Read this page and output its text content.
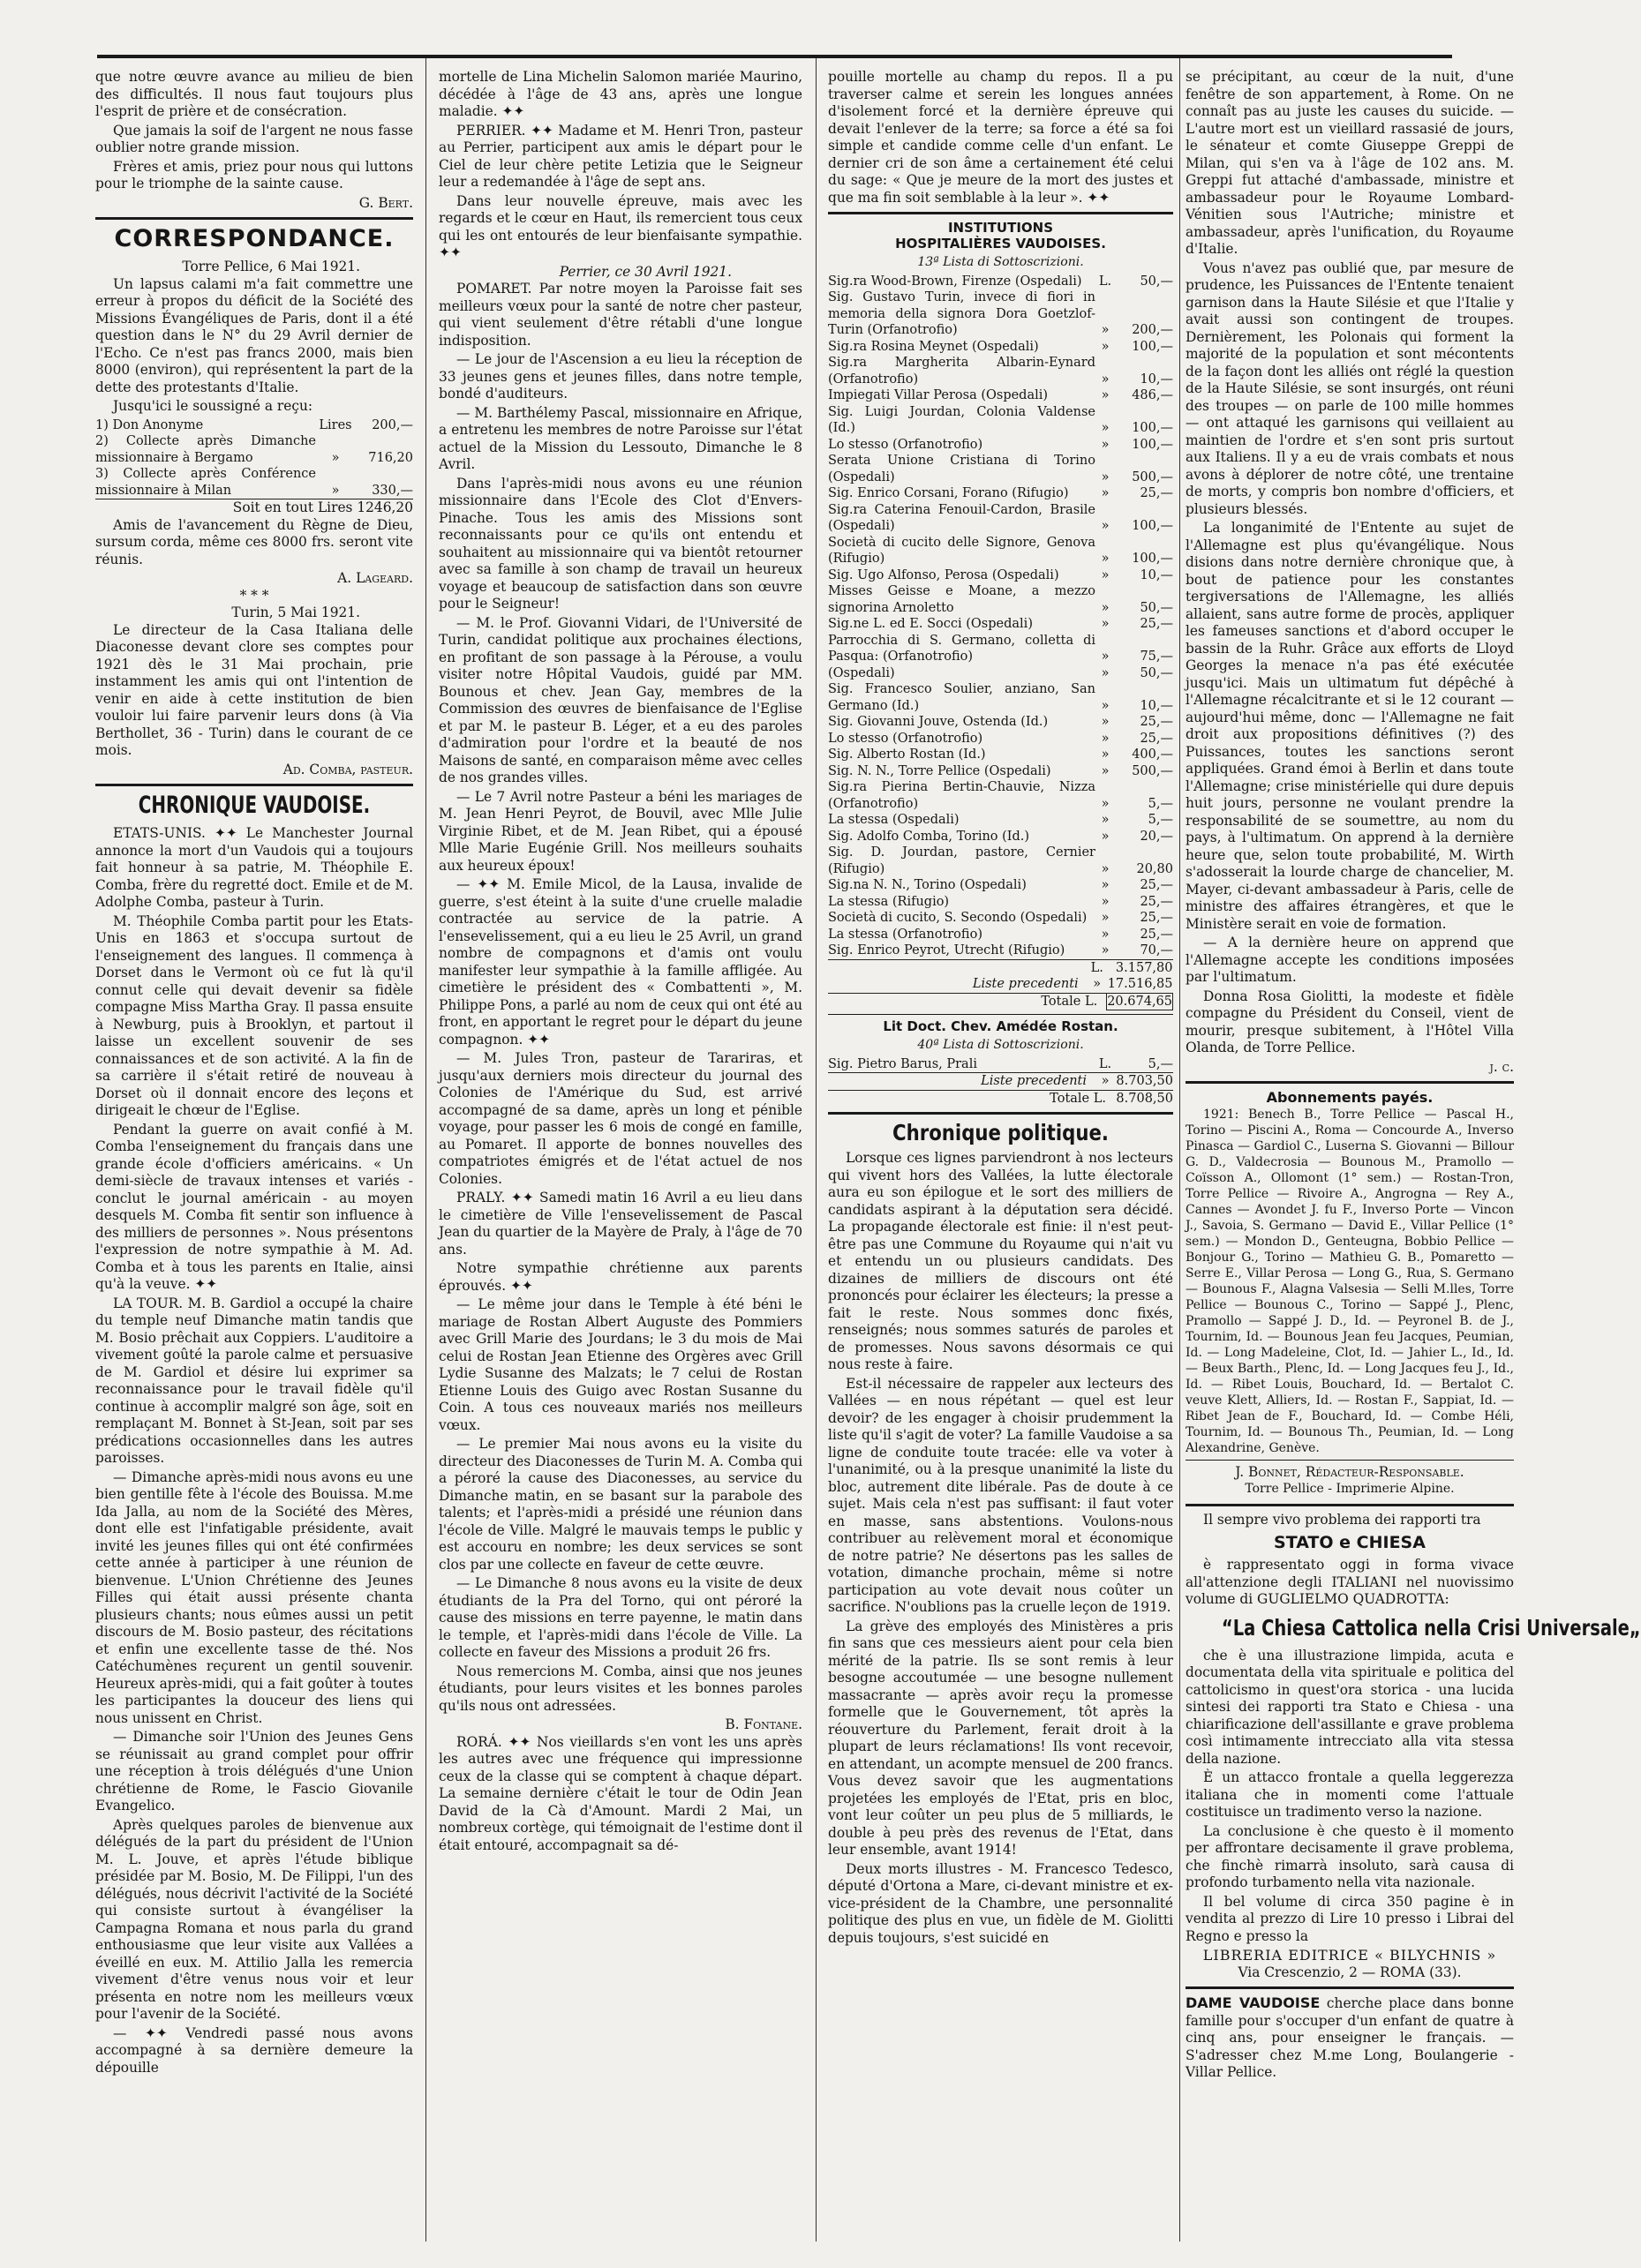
que notre œuvre avance au milieu de bien des difficultés. Il nous faut toujours plus l'esprit de prière et de consécration.

Que jamais la soif de l'argent ne nous fasse oublier notre grande mission.

Frères et amis, priez pour nous qui luttons pour le triomphe de la sainte cause.

G. Bert.
CORRESPONDANCE.
Torre Pellice, 6 Mai 1921.

Un lapsus calami m'a fait commettre une erreur à propos du déficit de la Société des Missions Évangéliques de Paris, dont il a été question dans le N° du 29 Avril dernier de l'Echo. Ce n'est pas francs 2000, mais bien 8000 (environ), qui représentent la part de la dette des protestants d'Italie.

Jusqu'ici le soussigné a reçu:

1) Don Anonyme	Lires	200,—
2) Collecte après Dimanche missionnaire à Bergamo	»	716,20
3) Collecte après Conférence missionnaire à Milan	»	330,—
Soit en tout Lires 1246,20

Amis de l'avancement du Règne de Dieu, sursum corda, même ces 8000 frs. seront vite réunis.

A. Lageard.
* * *
Turin, 5 Mai 1921.

Le directeur de la Casa Italiana delle Diaconesse devant clore ses comptes pour 1921 dès le 31 Mai prochain, prie instamment les amis qui ont l'intention de venir en aide à cette institution de bien vouloir lui faire parvenir leurs dons (à Via Berthollet, 36 - Turin) dans le courant de ce mois.

Ad. Comba, pasteur.
CHRONIQUE VAUDOISE.

ETATS-UNIS. ✦✦ Le Manchester Journal annonce la mort d'un Vaudois qui a toujours fait honneur à sa patrie, M. Théophile E. Comba, frère du regretté doct. Emile et de M. Adolphe Comba, pasteur à Turin.

M. Théophile Comba partit pour les Etats-Unis en 1863 et s'occupa surtout de l'enseignement des langues. Il commença à Dorset dans le Vermont où ce fut là qu'il connut celle qui devait devenir sa fidèle compagne Miss Martha Gray. Il passa ensuite à Newburg, puis à Brooklyn, et partout il laisse un excellent souvenir de ses connaissances et de son activité. A la fin de sa carrière il s'était retiré de nouveau à Dorset où il donnait encore des leçons et dirigeait le chœur de l'Eglise.

Pendant la guerre on avait confié à M. Comba l'enseignement du français dans une grande école d'officiers américains. « Un demi-siècle de travaux intenses et variés - conclut le journal américain - au moyen desquels M. Comba fit sentir son influence à des milliers de personnes ». Nous présentons l'expression de notre sympathie à M. Ad. Comba et à tous les parents en Italie, ainsi qu'à la veuve. ✦✦

LA TOUR. M. B. Gardiol a occupé la chaire du temple neuf Dimanche matin tandis que M. Bosio prêchait aux Coppiers. L'auditoire a vivement goûté la parole calme et persuasive de M. Gardiol et désire lui exprimer sa reconnaissance pour le travail fidèle qu'il continue à accomplir malgré son âge, soit en remplaçant M. Bonnet à St-Jean, soit par ses prédications occasionnelles dans les autres paroisses.

— Dimanche après-midi nous avons eu une bien gentille fête à l'école des Bouissa. M.me Ida Jalla, au nom de la Société des Mères, dont elle est l'infatigable présidente, avait invité les jeunes filles qui ont été confirmées cette année à participer à une réunion de bienvenue. L'Union Chrétienne des Jeunes Filles qui était aussi présente chanta plusieurs chants; nous eûmes aussi un petit discours de M. Bosio pasteur, des récitations et enfin une excellente tasse de thé. Nos Catéchumènes reçurent un gentil souvenir. Heureux après-midi, qui a fait goûter à toutes les participantes la douceur des liens qui nous unissent en Christ.

— Dimanche soir l'Union des Jeunes Gens se réunissait au grand complet pour offrir une réception à trois délégués d'une Union chrétienne de Rome, le Fascio Giovanile Evangelico.

Après quelques paroles de bienvenue aux délégués de la part du président de l'Union M. L. Jouve, et après l'étude biblique présidée par M. Bosio, M. De Filippi, l'un des délégués, nous décrivit l'activité de la Société qui consiste surtout à évangéliser la Campagna Romana et nous parla du grand enthousiasme que leur visite aux Vallées a éveillé en eux. M. Attilio Jalla les remercia vivement d'être venus nous voir et leur présenta en notre nom les meilleurs vœux pour l'avenir de la Société.

— ✦✦ Vendredi passé nous avons accompagné à sa dernière demeure la dépouille

mortelle de Lina Michelin Salomon mariée Maurino, décédée à l'âge de 43 ans, après une longue maladie. ✦✦

PERRIER. ✦✦ Madame et M. Henri Tron, pasteur au Perrier, participent aux amis le départ pour le Ciel de leur chère petite Letizia que le Seigneur leur a redemandée à l'âge de sept ans.

Dans leur nouvelle épreuve, mais avec les regards et le cœur en Haut, ils remercient tous ceux qui les ont entourés de leur bienfaisante sympathie. ✦✦

Perrier, ce 30 Avril 1921.

POMARET. Par notre moyen la Paroisse fait ses meilleurs vœux pour la santé de notre cher pasteur, qui vient seulement d'être rétabli d'une longue indisposition.

— Le jour de l'Ascension a eu lieu la réception de 33 jeunes gens et jeunes filles, dans notre temple, bondé d'auditeurs.

— M. Barthélemy Pascal, missionnaire en Afrique, a entretenu les membres de notre Paroisse sur l'état actuel de la Mission du Lessouto, Dimanche le 8 Avril.

Dans l'après-midi nous avons eu une réunion missionnaire dans l'Ecole des Clot d'Envers-Pinache. Tous les amis des Missions sont reconnaissants pour ce qu'ils ont entendu et souhaitent au missionnaire qui va bientôt retourner avec sa famille à son champ de travail un heureux voyage et beaucoup de satisfaction dans son œuvre pour le Seigneur!

— M. le Prof. Giovanni Vidari, de l'Université de Turin, candidat politique aux prochaines élections, en profitant de son passage à la Pérouse, a voulu visiter notre Hôpital Vaudois, guidé par MM. Bounous et chev. Jean Gay, membres de la Commission des œuvres de bienfaisance de l'Eglise et par M. le pasteur B. Léger, et a eu des paroles d'admiration pour l'ordre et la beauté de nos Maisons de santé, en comparaison même avec celles de nos grandes villes.

— Le 7 Avril notre Pasteur a béni les mariages de M. Jean Henri Peyrot, de Bouvil, avec Mlle Julie Virginie Ribet, et de M. Jean Ribet, qui a épousé Mlle Marie Eugénie Grill. Nos meilleurs souhaits aux heureux époux!

— ✦✦ M. Emile Micol, de la Lausa, invalide de guerre, s'est éteint à la suite d'une cruelle maladie contractée au service de la patrie. A l'ensevelissement, qui a eu lieu le 25 Avril, un grand nombre de compagnons et d'amis ont voulu manifester leur sympathie à la famille affligée. Au cimetière le président des « Combattenti », M. Philippe Pons, a parlé au nom de ceux qui ont été au front, en apportant le regret pour le départ du jeune compagnon. ✦✦

— M. Jules Tron, pasteur de Tarariras, et jusqu'aux derniers mois directeur du journal des Colonies de l'Amérique du Sud, est arrivé accompagné de sa dame, après un long et pénible voyage, pour passer les 6 mois de congé en famille, au Pomaret. Il apporte de bonnes nouvelles des compatriotes émigrés et de l'état actuel de nos Colonies.

PRALY. ✦✦ Samedi matin 16 Avril a eu lieu dans le cimetière de Ville l'ensevelissement de Pascal Jean du quartier de la Mayère de Praly, à l'âge de 70 ans.

Notre sympathie chrétienne aux parents éprouvés. ✦✦

— Le même jour dans le Temple à été béni le mariage de Rostan Albert Auguste des Pommiers avec Grill Marie des Jourdans; le 3 du mois de Mai celui de Rostan Jean Etienne des Orgères avec Grill Lydie Susanne des Malzats; le 7 celui de Rostan Etienne Louis des Guigo avec Rostan Susanne du Coin. A tous ces nouveaux mariés nos meilleurs vœux.

— Le premier Mai nous avons eu la visite du directeur des Diaconesses de Turin M. A. Comba qui a péroré la cause des Diaconesses, au service du Dimanche matin, en se basant sur la parabole des talents; et l'après-midi a présidé une réunion dans l'école de Ville. Malgré le mauvais temps le public y est accouru en nombre; les deux services se sont clos par une collecte en faveur de cette œuvre.

— Le Dimanche 8 nous avons eu la visite de deux étudiants de la Pra del Torno, qui ont péroré la cause des missions en terre payenne, le matin dans le temple, et l'après-midi dans l'école de Ville. La collecte en faveur des Missions a produit 26 frs.

Nous remercions M. Comba, ainsi que nos jeunes étudiants, pour leurs visites et les bonnes paroles qu'ils nous ont adressées.

B. Fontane.

RORÁ. ✦✦ Nos vieillards s'en vont les uns après les autres avec une fréquence qui impressionne ceux de la classe qui se comptent à chaque départ. La semaine dernière c'était le tour de Odin Jean David de la Cà d'Amount. Mardi 2 Mai, un nombreux cortège, qui témoignait de l'estime dont il était entouré, accompagnait sa dé-

pouille mortelle au champ du repos. Il a pu traverser calme et serein les longues années d'isolement forcé et la dernière épreuve qui devait l'enlever de la terre; sa force a été sa foi simple et candide comme celle d'un enfant. Le dernier cri de son âme a certainement été celui du sage: « Que je meure de la mort des justes et que ma fin soit semblable à la leur ». ✦✦

INSTITUTIONS
HOSPITALIÈRES VAUDOISES.
13ª Lista di Sottoscrizioni.
Sig.ra Wood-Brown, Firenze (Ospedali)	L.	50,—
Sig. Gustavo Turin, invece di fiori in memoria della signora Dora Goetzlof-Turin (Orfanotrofio)	»	200,—
Sig.ra Rosina Meynet (Ospedali)	»	100,—
Sig.ra Margherita Albarin-Eynard (Orfanotrofio)	»	10,—
Impiegati Villar Perosa (Ospedali)	»	486,—
Sig. Luigi Jourdan, Colonia Valdense (Id.)	»	100,—
Lo stesso (Orfanotrofio)	»	100,—
Serata Unione Cristiana di Torino (Ospedali)	»	500,—
Sig. Enrico Corsani, Forano (Rifugio)	»	25,—
Sig.ra Caterina Fenouil-Cardon, Brasile (Ospedali)	»	100,—
Società di cucito delle Signore, Genova (Rifugio)	»	100,—
Sig. Ugo Alfonso, Perosa (Ospedali)	»	10,—
Misses Geisse e Moane, a mezzo signorina Arnoletto	»	50,—
Sig.ne L. ed E. Socci (Ospedali)	»	25,—
Parrocchia di S. Germano, colletta di Pasqua: (Orfanotrofio)	»	75,—
(Ospedali)	»	50,—
Sig. Francesco Soulier, anziano, San Germano (Id.)	»	10,—
Sig. Giovanni Jouve, Ostenda (Id.)	»	25,—
Lo stesso (Orfanotrofio)	»	25,—
Sig. Alberto Rostan (Id.)	»	400,—
Sig. N. N., Torre Pellice (Ospedali)	»	500,—
Sig.ra Pierina Bertin-Chauvie, Nizza (Orfanotrofio)	»	5,—
La stessa (Ospedali)	»	5,—
Sig. Adolfo Comba, Torino (Id.)	»	20,—
Sig. D. Jourdan, pastore, Cernier (Rifugio)	»	20,80
Sig.na N. N., Torino (Ospedali)	»	25,—
La stessa (Rifugio)	»	25,—
Società di cucito, S. Secondo (Ospedali)	»	25,—
La stessa (Orfanotrofio)	»	25,—
Sig. Enrico Peyrot, Utrecht (Rifugio)	»	70,—
	L.	3.157,80
Liste precedenti	»	17.516,85
Totale L.		20.674,65
Lit Doct. Chev. Amédée Rostan.
40ª Lista di Sottoscrizioni.
Sig. Pietro Barus, Prali	L.	5,—
Liste precedenti	»	8.703,50
Totale L.		8.708,50
Chronique politique.

Lorsque ces lignes parviendront à nos lecteurs qui vivent hors des Vallées, la lutte électorale aura eu son épilogue et le sort des milliers de candidats aspirant à la députation sera décidé. La propagande électorale est finie: il n'est peut-être pas une Commune du Royaume qui n'ait vu et entendu un ou plusieurs candidats. Des dizaines de milliers de discours ont été prononcés pour éclairer les électeurs; la presse a fait le reste. Nous sommes donc fixés, renseignés; nous sommes saturés de paroles et de promesses. Nous savons désormais ce qui nous reste à faire.

Est-il nécessaire de rappeler aux lecteurs des Vallées — en nous répétant — quel est leur devoir? de les engager à choisir prudemment la liste qu'il s'agit de voter? La famille Vaudoise a sa ligne de conduite toute tracée: elle va voter à l'unanimité, ou à la presque unanimité la liste du bloc, autrement dite libérale. Pas de doute à ce sujet. Mais cela n'est pas suffisant: il faut voter en masse, sans abstentions. Voulons-nous contribuer au relèvement moral et économique de notre patrie? Ne désertons pas les salles de votation, dimanche prochain, même si notre participation au vote devait nous coûter un sacrifice. N'oublions pas la cruelle leçon de 1919.

La grève des employés des Ministères a pris fin sans que ces messieurs aient pour cela bien mérité de la patrie. Ils se sont remis à leur besogne accoutumée — une besogne nullement massacrante — après avoir reçu la promesse formelle que le Gouvernement, tôt après la réouverture du Parlement, ferait droit à la plupart de leurs réclamations! Ils vont recevoir, en attendant, un acompte mensuel de 200 francs. Vous devez savoir que les augmentations projetées les employés de l'Etat, pris en bloc, vont leur coûter un peu plus de 5 milliards, le double à peu près des revenus de l'Etat, dans leur ensemble, avant 1914!

Deux morts illustres - M. Francesco Tedesco, député d'Ortona a Mare, ci-devant ministre et ex-vice-président de la Chambre, une personnalité politique des plus en vue, un fidèle de M. Giolitti depuis toujours, s'est suicidé en

se précipitant, au cœur de la nuit, d'une fenêtre de son appartement, à Rome. On ne connaît pas au juste les causes du suicide. — L'autre mort est un vieillard rassasié de jours, le sénateur et comte Giuseppe Greppi de Milan, qui s'en va à l'âge de 102 ans. M. Greppi fut attaché d'ambassade, ministre et ambassadeur pour le Royaume Lombard-Vénitien sous l'Autriche; ministre et ambassadeur, après l'unification, du Royaume d'Italie.

Vous n'avez pas oublié que, par mesure de prudence, les Puissances de l'Entente tenaient garnison dans la Haute Silésie et que l'Italie y avait aussi son contingent de troupes. Dernièrement, les Polonais qui forment la majorité de la population et sont mécontents de la façon dont les alliés ont réglé la question de la Haute Silésie, se sont insurgés, ont réuni des troupes — on parle de 100 mille hommes — ont attaqué les garnisons qui veillaient au maintien de l'ordre et s'en sont pris surtout aux Italiens. Il y a eu de vrais combats et nous avons à déplorer de notre côté, une trentaine de morts, y compris bon nombre d'officiers, et plusieurs blessés.

La longanimité de l'Entente au sujet de l'Allemagne est plus qu'évangélique. Nous disions dans notre dernière chronique que, à bout de patience pour les constantes tergiversations de l'Allemagne, les alliés allaient, sans autre forme de procès, appliquer les fameuses sanctions et d'abord occuper le bassin de la Ruhr. Grâce aux efforts de Lloyd Georges la menace n'a pas été exécutée jusqu'ici. Mais un ultimatum fut dépêché à l'Allemagne récalcitrante et si le 12 courant — aujourd'hui même, donc — l'Allemagne ne fait droit aux propositions définitives (?) des Puissances, toutes les sanctions seront appliquées. Grand émoi à Berlin et dans toute l'Allemagne; crise ministérielle qui dure depuis huit jours, personne ne voulant prendre la responsabilité de se soumettre, au nom du pays, à l'ultimatum. On apprend à la dernière heure que, selon toute probabilité, M. Wirth s'adosserait la lourde charge de chancelier, M. Mayer, ci-devant ambassadeur à Paris, celle de ministre des affaires étrangères, et que le Ministère serait en voie de formation.

— A la dernière heure on apprend que l'Allemagne accepte les conditions imposées par l'ultimatum.

Donna Rosa Giolitti, la modeste et fidèle compagne du Président du Conseil, vient de mourir, presque subitement, à l'Hôtel Villa Olanda, de Torre Pellice.

j. c.
Abonnements payés.

1921: Benech B., Torre Pellice — Pascal H., Torino — Piscini A., Roma — Concourde A., Inverso Pinasca — Gardiol C., Luserna S. Giovanni — Billour G. D., Valdecrosia — Bounous M., Pramollo — Coïsson A., Ollomont (1° sem.) — Rostan-Tron, Torre Pellice — Rivoire A., Angrogna — Rey A., Cannes — Avondet J. fu F., Inverso Porte — Vincon J., Savoia, S. Germano — David E., Villar Pellice (1° sem.) — Mondon D., Genteugna, Bobbio Pellice — Bonjour G., Torino — Mathieu G. B., Pomaretto — Serre E., Villar Perosa — Long G., Rua, S. Germano — Bounous F., Alagna Valsesia — Selli M.lles, Torre Pellice — Bounous C., Torino — Sappé J., Plenc, Pramollo — Sappé J. D., Id. — Peyronel B. de J., Tournim, Id. — Bounous Jean feu Jacques, Peumian, Id. — Long Madeleine, Clot, Id. — Jahier L., Id., Id. — Beux Barth., Plenc, Id. — Long Jacques feu J., Id., Id. — Ribet Louis, Bouchard, Id. — Bertalot C. veuve Klett, Alliers, Id. — Rostan F., Sappiat, Id. — Ribet Jean de F., Bouchard, Id. — Combe Héli, Tournim, Id. — Bounous Th., Peumian, Id. — Long Alexandrine, Genève.

J. Bonnet, Rédacteur-Responsable.
Torre Pellice - Imprimerie Alpine.

Il sempre vivo problema dei rapporti tra

STATO e CHIESA

è rappresentato oggi in forma vivace all'attenzione degli ITALIANI nel nuovissimo volume di GUGLIELMO QUADROTTA:

“La Chiesa Cattolica nella Crisi Universale„

che è una illustrazione limpida, acuta e documentata della vita spirituale e politica del cattolicismo in quest'ora storica - una lucida sintesi dei rapporti tra Stato e Chiesa - una chiarificazione dell'assillante e grave problema così intimamente intrecciato alla vita stessa della nazione.

È un attacco frontale a quella leggerezza italiana che in momenti come l'attuale costituisce un tradimento verso la nazione.

La conclusione è che questo è il momento per affrontare decisamente il grave problema, che finchè rimarrà insoluto, sarà causa di profondo turbamento nella vita nazionale.

Il bel volume di circa 350 pagine è in vendita al prezzo di Lire 10 presso i Librai del Regno e presso la

LIBRERIA EDITRICE « BILYCHNIS »
Via Crescenzio, 2 — ROMA (33).

DAME VAUDOISE cherche place dans bonne famille pour s'occuper d'un enfant de quatre à cinq ans, pour enseigner le français. — S'adresser chez M.me Long, Boulangerie - Villar Pellice.
